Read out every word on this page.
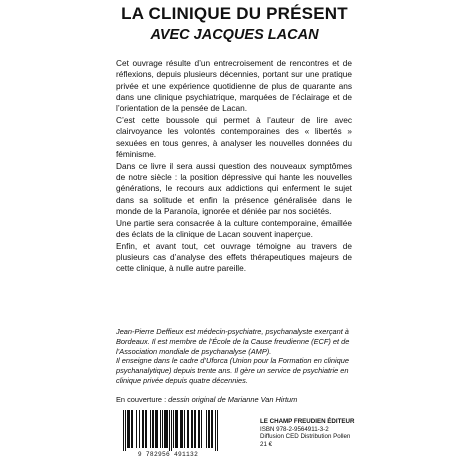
LA CLINIQUE DU PRÉSENT
AVEC JACQUES LACAN

Cet ouvrage résulte d’un entrecroisement de rencontres et de réflexions, depuis plusieurs décennies, portant sur une pratique privée et une expérience quotidienne de plus de quarante ans dans une clinique psychiatrique, marquées de l’éclairage et de l’orientation de la pensée de Lacan.

C’est cette boussole qui permet à l’auteur de lire avec clairvoyance les volontés contemporaines des « libertés » sexuées en tous genres, à analyser les nouvelles données du féminisme.

Dans ce livre il sera aussi question des nouveaux symptômes de notre siècle : la position dépressive qui hante les nouvelles générations, le recours aux addictions qui enferment le sujet dans sa solitude et enfin la présence généralisée dans le monde de la Paranoïa, ignorée et déniée par nos sociétés.

Une partie sera consacrée à la culture contemporaine, émaillée des éclats de la clinique de Lacan souvent inaperçue.

Enfin, et avant tout, cet ouvrage témoigne au travers de plusieurs cas d’analyse des effets thérapeutiques majeurs de cette clinique, à nulle autre pareille.

Jean-Pierre Deffieux est médecin-psychiatre, psychanalyste exerçant à Bordeaux. Il est membre de l’École de la Cause freudienne (ECF) et de l’Association mondiale de psychanalyse (AMP).

Il enseigne dans le cadre d’Uforca (Union pour la Formation en clinique psychanalytique) depuis trente ans. Il gère un service de psychiatrie en clinique privée depuis quatre décennies.

En couverture : dessin original de Marianne Van Hirtum
9 782956 491132
LE CHAMP FREUDIEN ÉDITEUR
ISBN 978-2-9564911-3-2
Diffusion CED Distribution Pollen
21 €
